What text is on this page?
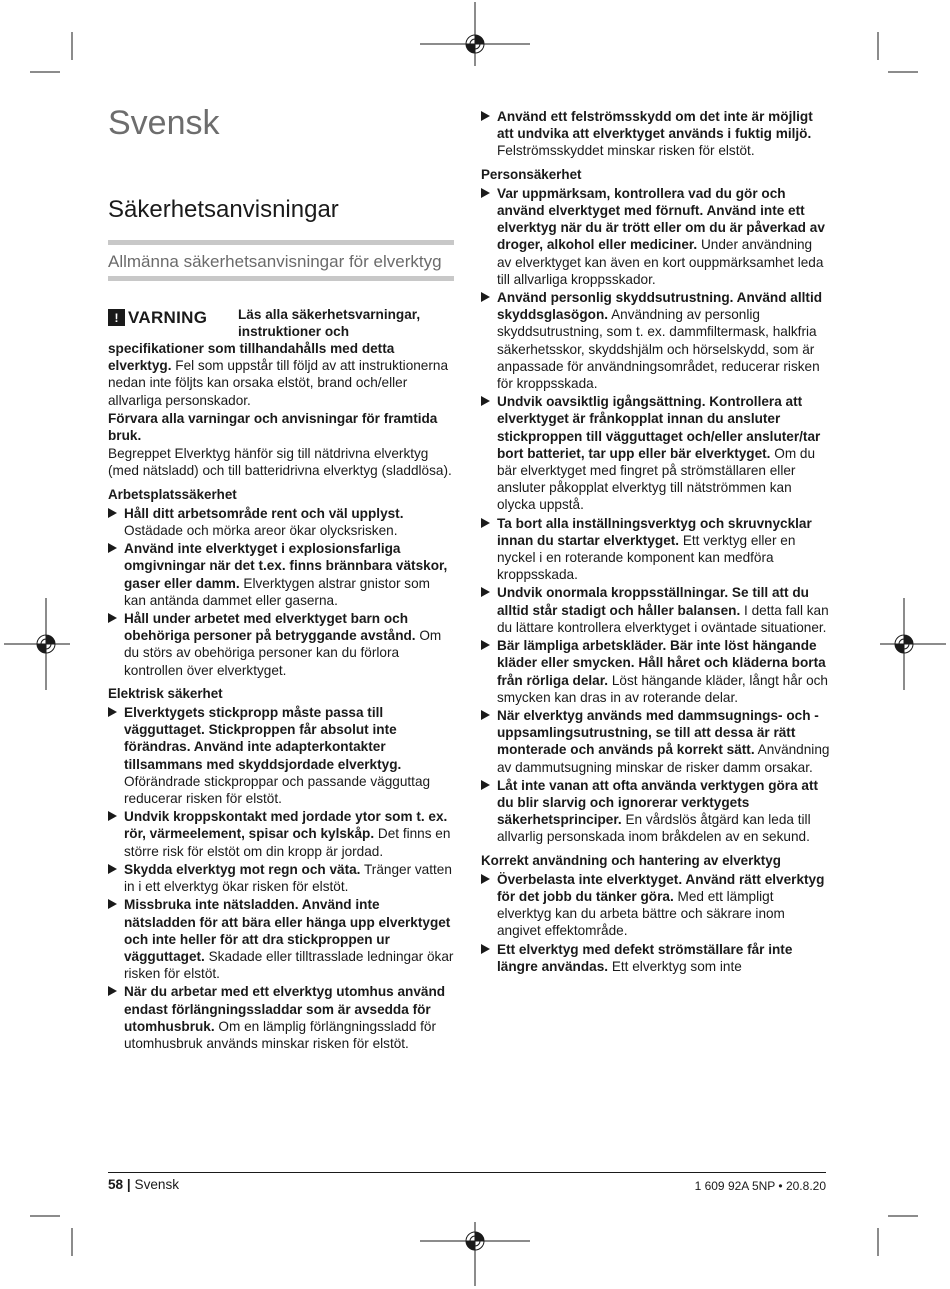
Svensk
Säkerhetsanvisningar
Allmänna säkerhetsanvisningar för elverktyg
! VARNING Läs alla säkerhetsvarningar, instruktioner och

specifikationer som tillhandahålls med detta elverktyg. Fel som uppstår till följd av att instruktionerna nedan inte följts kan orsaka elstöt, brand och/eller allvarliga personskador.

Förvara alla varningar och anvisningar för framtida bruk.

Begreppet Elverktyg hänför sig till nätdrivna elverktyg (med nätsladd) och till batteridrivna elverktyg (sladdlösa).

Arbetsplatssäkerhet
Håll ditt arbetsområde rent och väl upplyst. Ostädade och mörka areor ökar olycksrisken.
Använd inte elverktyget i explosionsfarliga omgivningar när det t.ex. finns brännbara vätskor, gaser eller damm. Elverktygen alstrar gnistor som kan antända dammet eller gaserna.
Håll under arbetet med elverktyget barn och obehöriga personer på betryggande avstånd. Om du störs av obehöriga personer kan du förlora kontrollen över elverktyget.
Elektrisk säkerhet
Elverktygets stickpropp måste passa till vägguttaget. Stickproppen får absolut inte förändras. Använd inte adapterkontakter tillsammans med skyddsjordade elverktyg. Oförändrade stickproppar och passande vägguttag reducerar risken för elstöt.
Undvik kroppskontakt med jordade ytor som t. ex. rör, värmeelement, spisar och kylskåp. Det finns en större risk för elstöt om din kropp är jordad.
Skydda elverktyg mot regn och väta. Tränger vatten in i ett elverktyg ökar risken för elstöt.
Missbruka inte nätsladden. Använd inte nätsladden för att bära eller hänga upp elverktyget och inte heller för att dra stickproppen ur vägguttaget. Skadade eller tilltrasslade ledningar ökar risken för elstöt.
När du arbetar med ett elverktyg utomhus använd endast förlängningssladdar som är avsedda för utomhusbruk. Om en lämplig förlängningssladd för utomhusbruk används minskar risken för elstöt.
Använd ett felströmsskydd om det inte är möjligt att undvika att elverktyget används i fuktig miljö. Felströmsskyddet minskar risken för elstöt.
Personsäkerhet
Var uppmärksam, kontrollera vad du gör och använd elverktyget med förnuft. Använd inte ett elverktyg när du är trött eller om du är påverkad av droger, alkohol eller mediciner. Under användning av elverktyget kan även en kort ouppmärksamhet leda till allvarliga kroppsskador.
Använd personlig skyddsutrustning. Använd alltid skyddsglasögon. Användning av personlig skyddsutrustning, som t. ex. dammfiltermask, halkfria säkerhetsskor, skyddshjälm och hörselskydd, som är anpassade för användningsområdet, reducerar risken för kroppsskada.
Undvik oavsiktlig igångsättning. Kontrollera att elverktyget är frånkopplat innan du ansluter stickproppen till vägguttaget och/eller ansluter/tar bort batteriet, tar upp eller bär elverktyget. Om du bär elverktyget med fingret på strömställaren eller ansluter påkopplat elverktyg till nätströmmen kan olycka uppstå.
Ta bort alla inställningsverktyg och skruvnycklar innan du startar elverktyget. Ett verktyg eller en nyckel i en roterande komponent kan medföra kroppsskada.
Undvik onormala kroppsställningar. Se till att du alltid står stadigt och håller balansen. I detta fall kan du lättare kontrollera elverktyget i oväntade situationer.
Bär lämpliga arbetskläder. Bär inte löst hängande kläder eller smycken. Håll håret och kläderna borta från rörliga delar. Löst hängande kläder, långt hår och smycken kan dras in av roterande delar.
När elverktyg används med dammsugnings- och -uppsamlingsutrustning, se till att dessa är rätt monterade och används på korrekt sätt. Användning av dammutsugning minskar de risker damm orsakar.
Låt inte vanan att ofta använda verktygen göra att du blir slarvig och ignorerar verktygets säkerhetsprinciper. En vårdslös åtgärd kan leda till allvarlig personskada inom bråkdelen av en sekund.
Korrekt användning och hantering av elverktyg
Överbelasta inte elverktyget. Använd rätt elverktyg för det jobb du tänker göra. Med ett lämpligt elverktyg kan du arbeta bättre och säkrare inom angivet effektområde.
Ett elverktyg med defekt strömställare får inte längre användas. Ett elverktyg som inte
58 | Svensk	1 609 92A 5NP • 20.8.20
